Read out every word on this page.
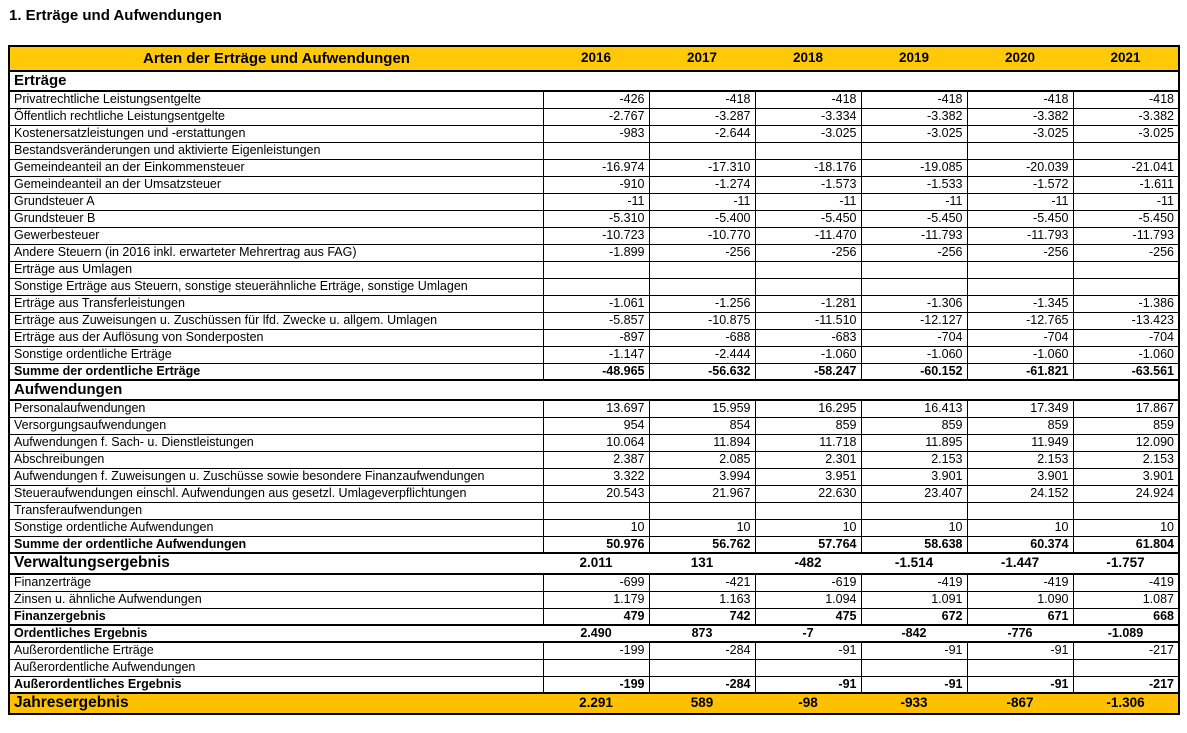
1. Erträge und Aufwendungen
Arten der Erträge und Aufwendungen	2016	2017	2018	2019	2020	2021
Erträge						
Privatrechtliche Leistungsentgelte	-426	-418	-418	-418	-418	-418
Öffentlich rechtliche Leistungsentgelte	-2.767	-3.287	-3.334	-3.382	-3.382	-3.382
Kostenersatzleistungen und -erstattungen	-983	-2.644	-3.025	-3.025	-3.025	-3.025
Bestandsveränderungen und aktivierte Eigenleistungen						
Gemeindeanteil an der Einkommensteuer	-16.974	-17.310	-18.176	-19.085	-20.039	-21.041
Gemeindeanteil an der Umsatzsteuer	-910	-1.274	-1.573	-1.533	-1.572	-1.611
Grundsteuer A	-11	-11	-11	-11	-11	-11
Grundsteuer B	-5.310	-5.400	-5.450	-5.450	-5.450	-5.450
Gewerbesteuer	-10.723	-10.770	-11.470	-11.793	-11.793	-11.793
Andere Steuern (in 2016 inkl. erwarteter Mehrertrag aus FAG)	-1.899	-256	-256	-256	-256	-256
Erträge aus Umlagen						
Sonstige Erträge aus Steuern, sonstige steuerähnliche Erträge, sonstige Umlagen						
Erträge aus Transferleistungen	-1.061	-1.256	-1.281	-1.306	-1.345	-1.386
Erträge aus Zuweisungen u. Zuschüssen für lfd. Zwecke u. allgem. Umlagen	-5.857	-10.875	-11.510	-12.127	-12.765	-13.423
Erträge aus der Auflösung von Sonderposten	-897	-688	-683	-704	-704	-704
Sonstige ordentliche Erträge	-1.147	-2.444	-1.060	-1.060	-1.060	-1.060
Summe der ordentliche Erträge	-48.965	-56.632	-58.247	-60.152	-61.821	-63.561
Aufwendungen						
Personalaufwendungen	13.697	15.959	16.295	16.413	17.349	17.867
Versorgungsaufwendungen	954	854	859	859	859	859
Aufwendungen f. Sach- u. Dienstleistungen	10.064	11.894	11.718	11.895	11.949	12.090
Abschreibungen	2.387	2.085	2.301	2.153	2.153	2.153
Aufwendungen f. Zuweisungen u. Zuschüsse sowie besondere Finanzaufwendungen	3.322	3.994	3.951	3.901	3.901	3.901
Steueraufwendungen einschl. Aufwendungen aus gesetzl. Umlageverpflichtungen	20.543	21.967	22.630	23.407	24.152	24.924
Transferaufwendungen						
Sonstige ordentliche Aufwendungen	10	10	10	10	10	10
Summe der ordentliche Aufwendungen	50.976	56.762	57.764	58.638	60.374	61.804
Verwaltungsergebnis	2.011	131	-482	-1.514	-1.447	-1.757
Finanzerträge	-699	-421	-619	-419	-419	-419
Zinsen u. ähnliche Aufwendungen	1.179	1.163	1.094	1.091	1.090	1.087
Finanzergebnis	479	742	475	672	671	668
Ordentliches Ergebnis	2.490	873	-7	-842	-776	-1.089
Außerordentliche Erträge	-199	-284	-91	-91	-91	-217
Außerordentliche Aufwendungen						
Außerordentliches Ergebnis	-199	-284	-91	-91	-91	-217
Jahresergebnis	2.291	589	-98	-933	-867	-1.306
